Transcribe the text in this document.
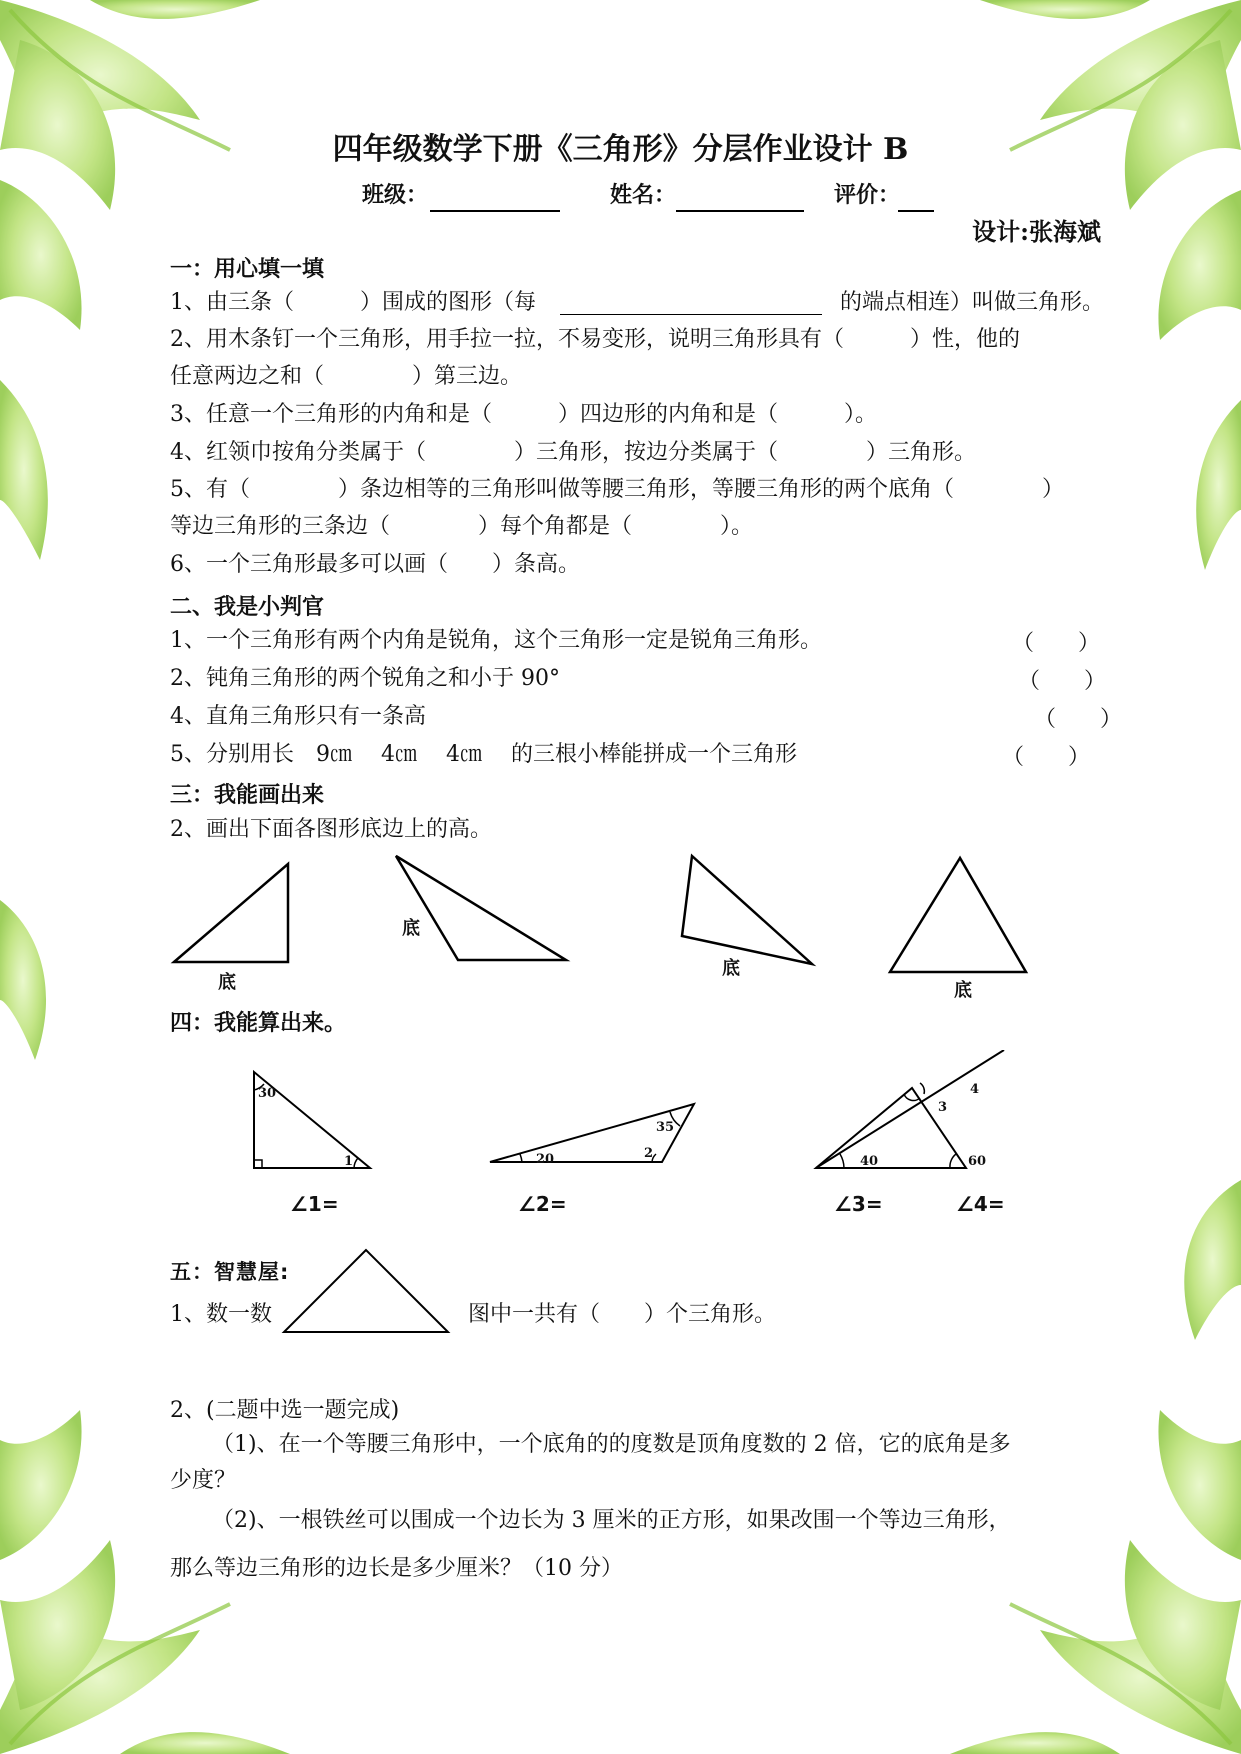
四年级数学下册《三角形》分层作业设计 B
班级：	姓名：	评价：
设计:张海斌
一：用心填一填
1、由三条（　　　）围成的图形（每	的端点相连）叫做三角形。
2、用木条钉一个三角形，用手拉一拉，不易变形，说明三角形具有（　　　）性，他的
任意两边之和（　　　　）第三边。
3、任意一个三角形的内角和是（　　　）四边形的内角和是（　　　）。
4、红领巾按角分类属于（　　　　）三角形，按边分类属于（　　　　）三角形。
5、有（　　　　）条边相等的三角形叫做等腰三角形，等腰三角形的两个底角（　　　　）
等边三角形的三条边（　　　　）每个角都是（　　　　）。
6、一个三角形最多可以画（　　）条高。
二、我是小判官
1、一个三角形有两个内角是锐角，这个三角形一定是锐角三角形。	（　　）
2、钝角三角形的两个锐角之和小于 90°	（　　）
4、直角三角形只有一条高	（　　）
5、分别用长　9㎝　 4㎝　 4㎝　 的三根小棒能拼成一个三角形	（　　）
三：我能画出来
2、画出下面各图形底边上的高。
底
底
底
底
四：我能算出来。
30
1
∠1=
20
35
2
∠2=
40	60
3
4
∠3=	∠4=
五：智慧屋:
1、数一数	图中一共有（　　）个三角形。
2、(二题中选一题完成)
（1)、在一个等腰三角形中，一个底角的的度数是顶角度数的 2 倍，它的底角是多
少度？
（2)、一根铁丝可以围成一个边长为 3 厘米的正方形，如果改围一个等边三角形，
那么等边三角形的边长是多少厘米？（10 分）
